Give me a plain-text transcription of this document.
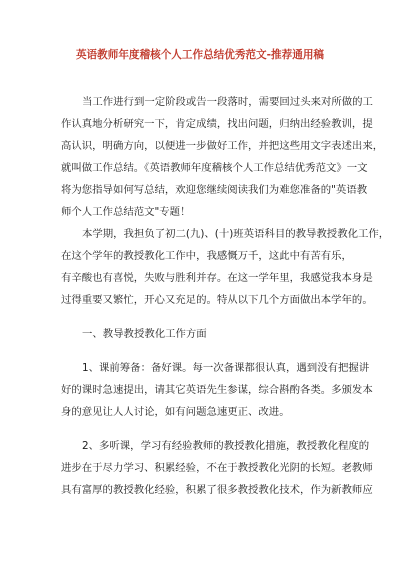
英语教师年度稽核个人工作总结优秀范文-推荐通用稿
当工作进行到一定阶段或告一段落时，需要回过头来对所做的工
作认真地分析研究一下，肯定成绩，找出问题，归纳出经验教训，提
高认识，明确方向，以便进一步做好工作，并把这些用文字表述出来，
就叫做工作总结。《英语教师年度稽核个人工作总结优秀范文》一文
将为您指导如何写总结，欢迎您继续阅读我们为难您准备的"英语教
师个人工作总结范文"专题！
本学期，我担负了初二(九)、(十)班英语科目的教导教授教化工作，
在这个学年的教授教化工作中，我感慨万千，这此中有苦有乐，
有辛酸也有喜悦，失败与胜利并存。在这一学年里，我感觉我本身是
过得重要又繁忙，开心又充足的。特从以下几个方面做出本学年的。
一、教导教授教化工作方面
1、课前筹备：备好课。每一次备课都很认真，遇到没有把握讲
好的课时急速提出，请其它英语先生参谋，综合斟酌各类。多颁发本
身的意见让人人讨论，如有问题急速更正、改进。
2、多听课，学习有经验教师的教授教化措施，教授教化程度的
进步在于尽力学习、积累经验，不在于教授教化光阴的长短。老教师
具有富厚的教授教化经验，积累了很多教授教化技术，作为新教师应
